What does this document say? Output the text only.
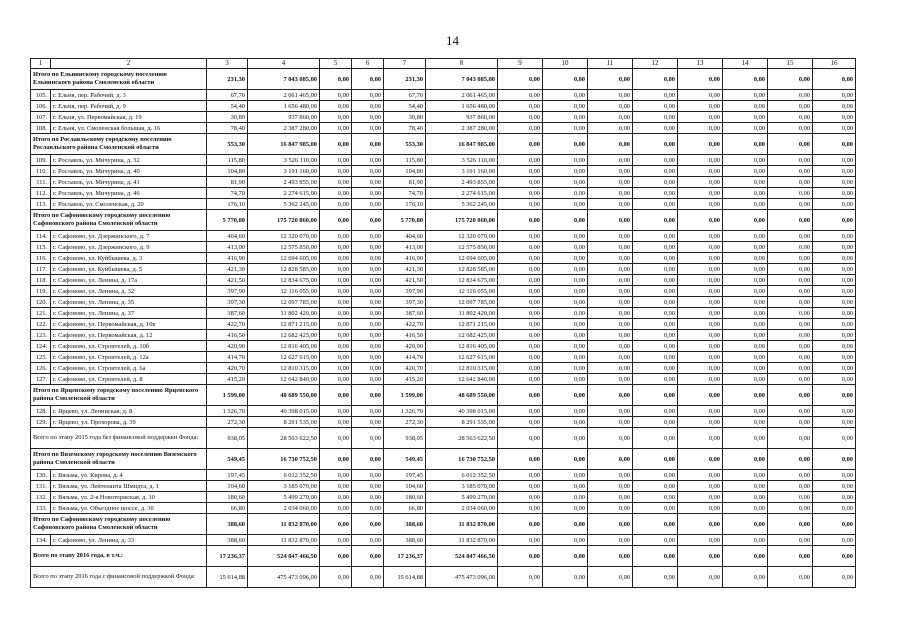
14
1	2	3	4	5	6	7	8	9	10	11	12	13	14	15	16
Итого по Ельнинскому городскому поселению Ельнинского района Смоленской области		231,30	7 043 085,00	0,00	0,00	231,30	7 043 085,00	0,00	0,00	0,00	0,00	0,00	0,00	0,00	0,00
105.	г. Ельня, пер. Рабочий, д. 3	67,70	2 061 465,00	0,00	0,00	67,70	2 061 465,00	0,00	0,00	0,00	0,00	0,00	0,00	0,00	0,00
106.	г. Ельня, пер. Рабочий, д. 9	54,40	1 656 480,00	0,00	0,00	54,40	1 656 480,00	0,00	0,00	0,00	0,00	0,00	0,00	0,00	0,00
107.	г. Ельня, ул. Первомайская, д. 19	30,80	937 860,00	0,00	0,00	30,80	937 860,00	0,00	0,00	0,00	0,00	0,00	0,00	0,00	0,00
108.	г. Ельня, ул. Смоленская большая, д. 16	78,40	2 387 280,00	0,00	0,00	78,40	2 387 280,00	0,00	0,00	0,00	0,00	0,00	0,00	0,00	0,00
Итого по Рославльскому городскому поселению Рославльского района Смоленской области		553,30	16 847 985,00	0,00	0,00	553,30	16 847 985,00	0,00	0,00	0,00	0,00	0,00	0,00	0,00	0,00
109.	г. Рославль, ул. Мичурина, д. 32	115,80	3 526 110,00	0,00	0,00	115,80	3 526 110,00	0,00	0,00	0,00	0,00	0,00	0,00	0,00	0,00
110.	г. Рославль, ул. Мичурина, д. 40	104,80	3 191 160,00	0,00	0,00	104,80	3 191 160,00	0,00	0,00	0,00	0,00	0,00	0,00	0,00	0,00
111.	г. Рославль, ул. Мичурина, д. 41	81,90	2 493 855,00	0,00	0,00	81,90	2 493 855,00	0,00	0,00	0,00	0,00	0,00	0,00	0,00	0,00
112.	г. Рославль, ул. Мичурина, д. 46	74,70	2 274 615,00	0,00	0,00	74,70	2 274 615,00	0,00	0,00	0,00	0,00	0,00	0,00	0,00	0,00
113.	г. Рославль, ул. Смоленская, д. 20	176,10	5 362 245,00	0,00	0,00	176,10	5 362 245,00	0,00	0,00	0,00	0,00	0,00	0,00	0,00	0,00
Итого по Сафоновскому городскому поселению Сафоновского района Смоленской области		5 770,80	175 720 860,00	0,00	0,00	5 770,80	175 720 860,00	0,00	0,00	0,00	0,00	0,00	0,00	0,00	0,00
114.	г. Сафоново, ул. Дзержинского, д. 7	404,60	12 320 070,00	0,00	0,00	404,60	12 320 070,00	0,00	0,00	0,00	0,00	0,00	0,00	0,00	0,00
115.	г. Сафоново, ул. Дзержинского, д. 9	413,00	12 575 850,00	0,00	0,00	413,00	12 575 850,00	0,00	0,00	0,00	0,00	0,00	0,00	0,00	0,00
116.	г. Сафоново, ул. Куйбышева, д. 3	416,90	12 694 605,00	0,00	0,00	416,90	12 694 605,00	0,00	0,00	0,00	0,00	0,00	0,00	0,00	0,00
117.	г. Сафоново, ул. Куйбышева, д. 5	421,30	12 828 585,00	0,00	0,00	421,30	12 828 585,00	0,00	0,00	0,00	0,00	0,00	0,00	0,00	0,00
118.	г. Сафоново, ул. Ленина, д. 17а	421,50	12 834 675,00	0,00	0,00	421,50	12 834 675,00	0,00	0,00	0,00	0,00	0,00	0,00	0,00	0,00
119.	г. Сафоново, ул. Ленина, д. 32	397,90	12 116 055,00	0,00	0,00	397,90	12 116 055,00	0,00	0,00	0,00	0,00	0,00	0,00	0,00	0,00
120.	г. Сафоново, ул. Ленина, д. 35	397,30	12 097 785,00	0,00	0,00	397,30	12 097 785,00	0,00	0,00	0,00	0,00	0,00	0,00	0,00	0,00
121.	г. Сафоново, ул. Ленина, д. 37	387,60	11 802 420,00	0,00	0,00	387,60	11 802 420,00	0,00	0,00	0,00	0,00	0,00	0,00	0,00	0,00
122.	г. Сафоново, ул. Первомайская, д. 10в	422,70	12 871 215,00	0,00	0,00	422,70	12 871 215,00	0,00	0,00	0,00	0,00	0,00	0,00	0,00	0,00
123.	г. Сафоново, ул. Первомайская, д. 12	416,50	12 682 425,00	0,00	0,00	416,50	12 682 425,00	0,00	0,00	0,00	0,00	0,00	0,00	0,00	0,00
124.	г. Сафоново, ул. Строителей, д. 10б	420,90	12 816 405,00	0,00	0,00	420,90	12 816 405,00	0,00	0,00	0,00	0,00	0,00	0,00	0,00	0,00
125.	г. Сафоново, ул. Строителей, д. 12а	414,70	12 627 615,00	0,00	0,00	414,70	12 627 615,00	0,00	0,00	0,00	0,00	0,00	0,00	0,00	0,00
126.	г. Сафоново, ул. Строителей, д. 6а	420,70	12 810 315,00	0,00	0,00	420,70	12 810 315,00	0,00	0,00	0,00	0,00	0,00	0,00	0,00	0,00
127.	г. Сафоново, ул. Строителей, д. 8	415,20	12 642 840,00	0,00	0,00	415,20	12 642 840,00	0,00	0,00	0,00	0,00	0,00	0,00	0,00	0,00
Итого по Ярцевскому городскому поселению Ярцевского района Смоленской области		1 599,00	48 689 550,00	0,00	0,00	1 599,00	48 689 550,00	0,00	0,00	0,00	0,00	0,00	0,00	0,00	0,00
128.	г. Ярцево, ул. Ленинская, д. 8	1 326,70	40 398 015,00	0,00	0,00	1 326,70	40 398 015,00	0,00	0,00	0,00	0,00	0,00	0,00	0,00	0,00
129.	г. Ярцево, ул. Прохорова, д. 39	272,30	8 291 535,00	0,00	0,00	272,30	8 291 535,00	0,00	0,00	0,00	0,00	0,00	0,00	0,00	0,00
Всего по этапу 2015 года без финансовой поддержки Фонда:		938,05	28 563 622,50	0,00	0,00	938,05	28 563 622,50	0,00	0,00	0,00	0,00	0,00	0,00	0,00	0,00
Итого по Вяземскому городскому поселению Вяземского района Смоленской области		549,45	16 730 752,50	0,00	0,00	549,45	16 730 752,50	0,00	0,00	0,00	0,00	0,00	0,00	0,00	0,00
130.	г. Вязьма, ул. Кирова, д. 4	197,45	6 012 352,50	0,00	0,00	197,45	6 012 352,50	0,00	0,00	0,00	0,00	0,00	0,00	0,00	0,00
131.	г. Вязьма, ул. Лейтенанта Шмидта, д. 1	104,60	3 185 070,00	0,00	0,00	104,60	3 185 070,00	0,00	0,00	0,00	0,00	0,00	0,00	0,00	0,00
132.	г. Вязьма, ул. 2-я Новоторжская, д. 10	180,60	5 499 270,00	0,00	0,00	180,60	5 499 270,00	0,00	0,00	0,00	0,00	0,00	0,00	0,00	0,00
133.	г. Вязьма, ул. Объездное шоссе, д. 30	66,80	2 034 060,00	0,00	0,00	66,80	2 034 060,00	0,00	0,00	0,00	0,00	0,00	0,00	0,00	0,00
Итого по Сафоновскому городскому поселению Сафоновского района Смоленской области		388,60	11 832 870,00	0,00	0,00	388,60	11 832 870,00	0,00	0,00	0,00	0,00	0,00	0,00	0,00	0,00
134.	г. Сафоново, ул. Ленина, д. 33	388,60	11 832 870,00	0,00	0,00	388,60	11 832 870,00	0,00	0,00	0,00	0,00	0,00	0,00	0,00	0,00
Всего по этапу 2016 года, в т.ч.:		17 236,37	524 847 466,50	0,00	0,00	17 236,37	524 847 466,50	0,00	0,00	0,00	0,00	0,00	0,00	0,00	0,00
Всего по этапу 2016 года с финансовой поддержкой Фонда:		15 614,88	475 473 096,00	0,00	0,00	15 614,88	475 473 096,00	0,00	0,00	0,00	0,00	0,00	0,00	0,00	0,00
